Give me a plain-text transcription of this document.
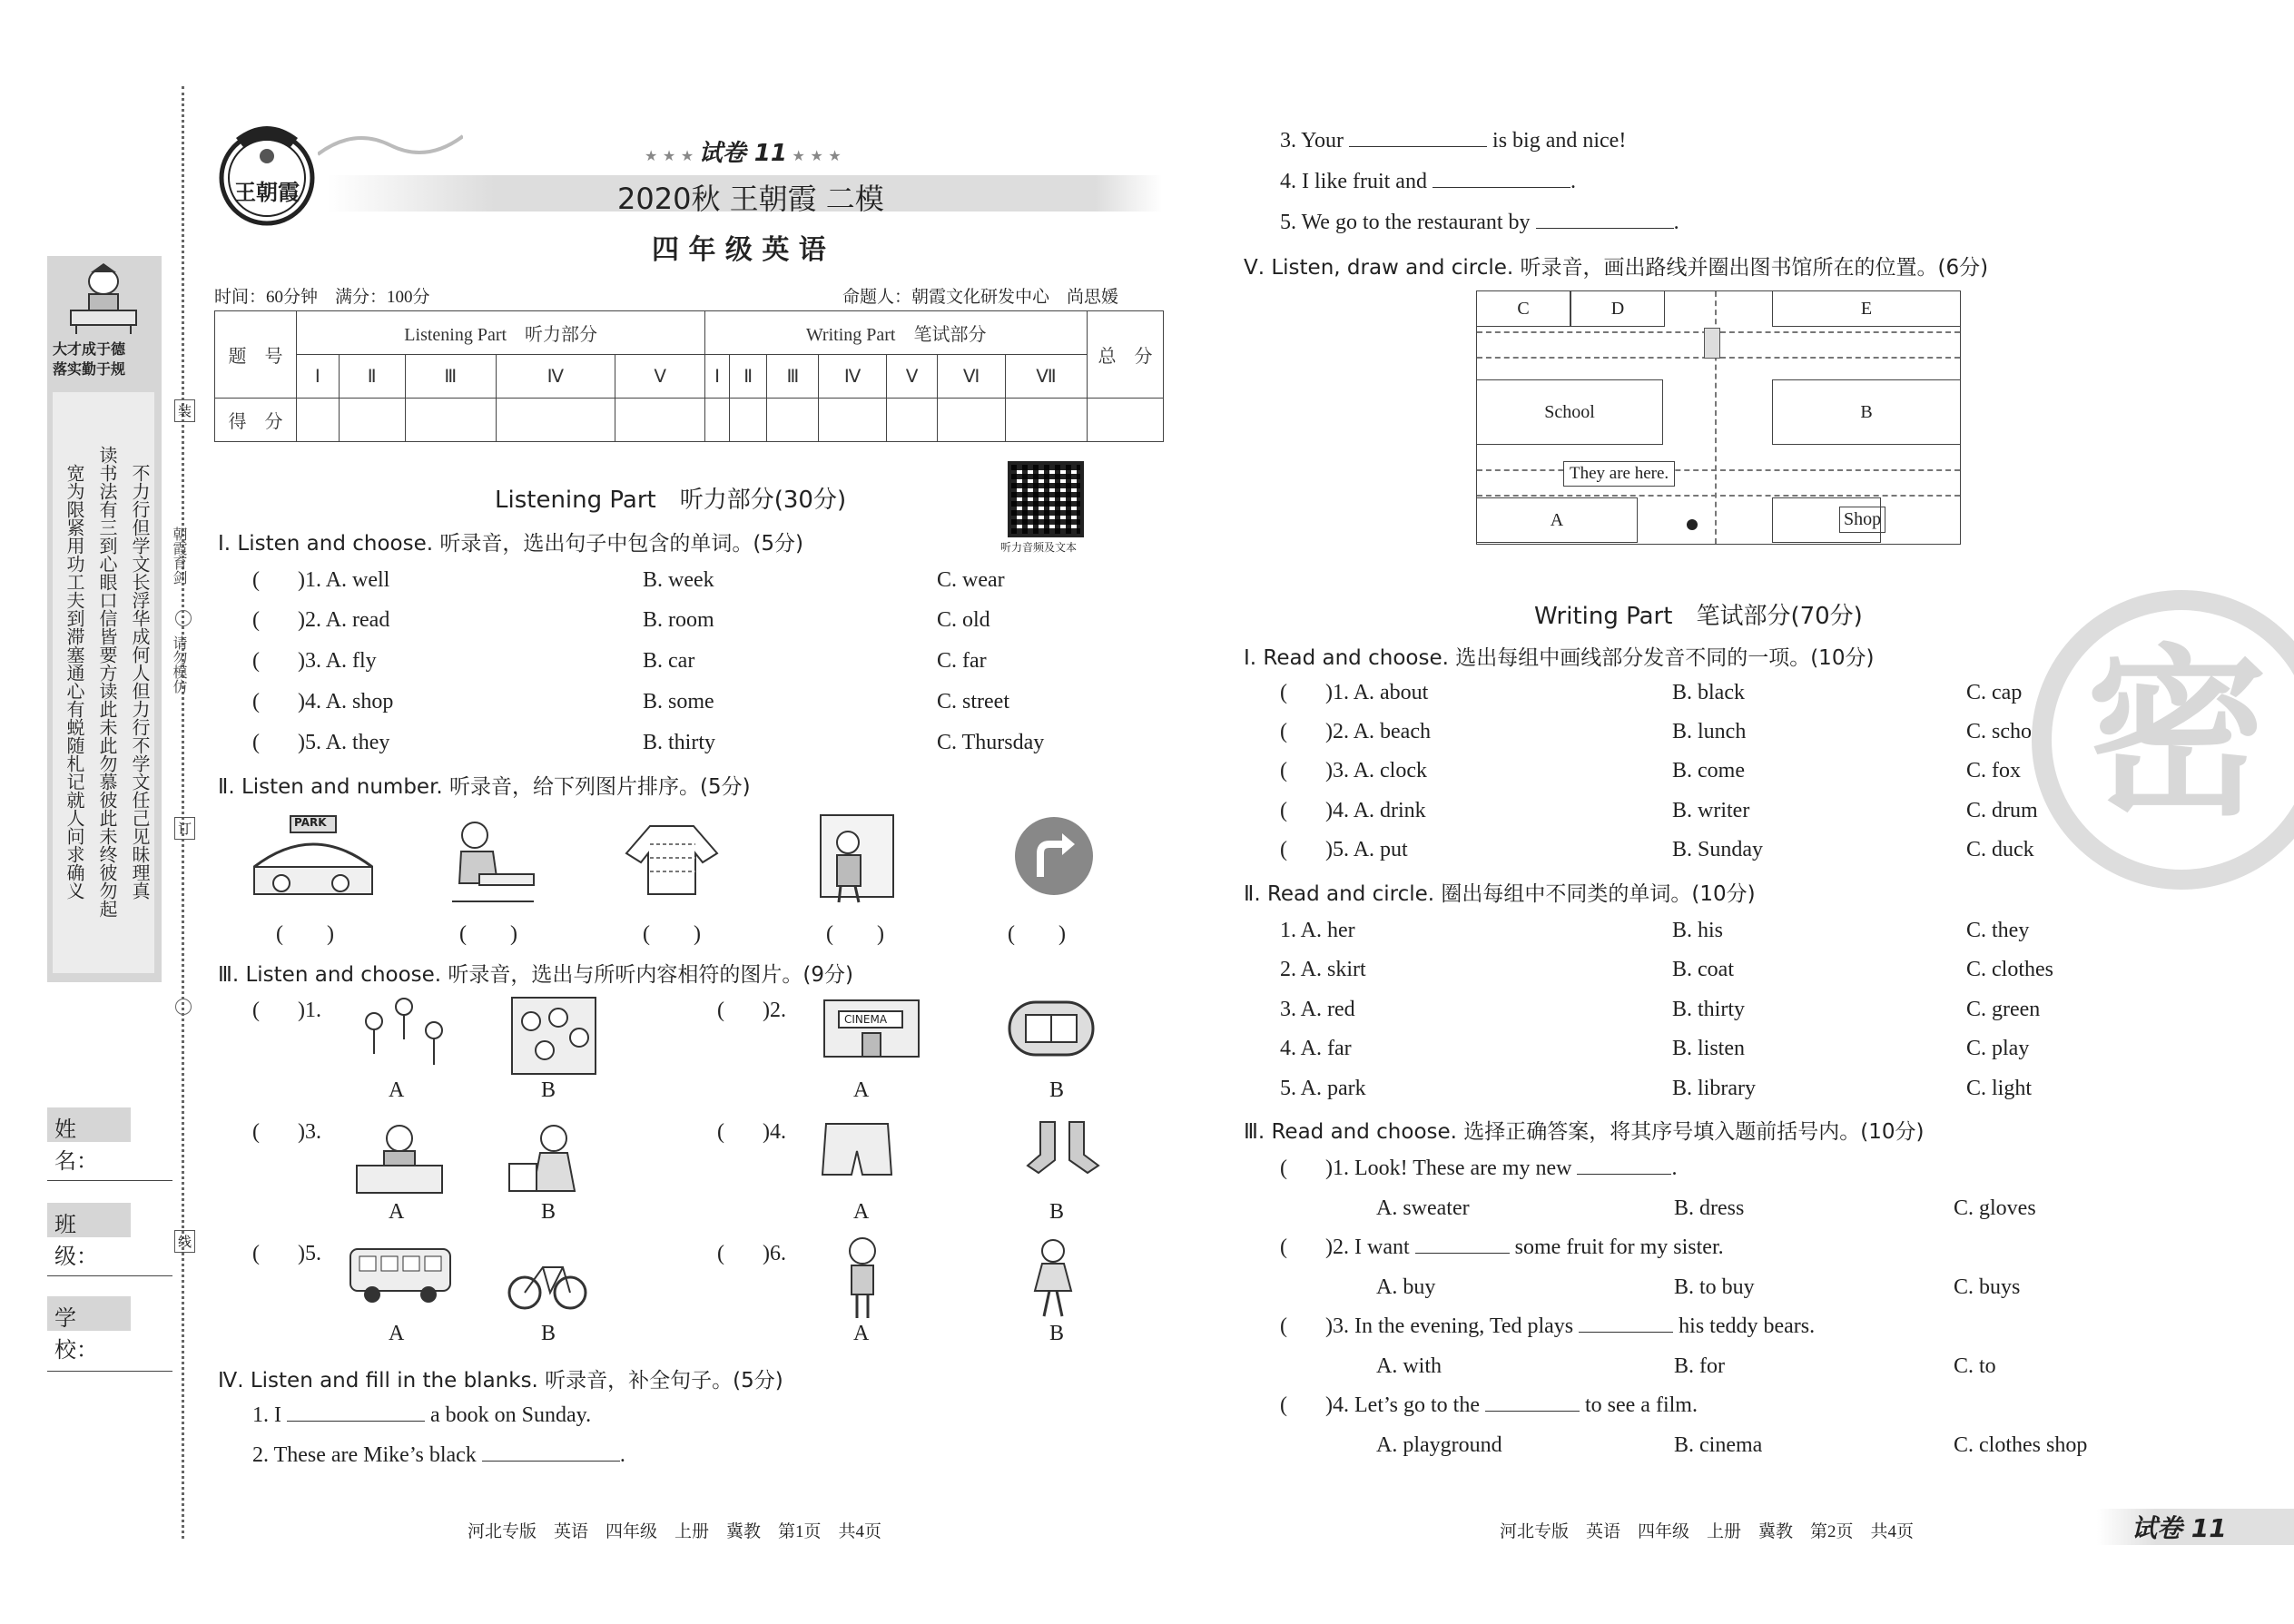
大才成于德
落实勤于规
宽为限紧用功工夫到滞塞通心有蜕随札记就人问求确义 读书法有三到心眼口信皆要方读此未此勿慕彼此未终彼勿起 不力行但学文长浮华成何人但力行不学文任己见昧理真 朝霞育剑
请勿模仿
装
订
线
姓 名：
班 级：
学 校：
王朝霞
★ ★ ★ 试卷 11 ★ ★ ★
2020秋 王朝霞 二模
四 年 级 英 语
时间：60分钟　满分：100分	命题人：朝霞文化研发中心　尚思媛
题　号	Listening Part　听力部分					Writing Part　笔试部分							总　分
	Ⅰ	Ⅱ	Ⅲ	Ⅳ	Ⅴ	Ⅰ	Ⅱ	Ⅲ	Ⅳ	Ⅴ	Ⅵ	Ⅶ	
得　分													
Listening Part　听力部分(30分)
听力音频及文本
Ⅰ. Listen and choose. 听录音，选出句子中包含的单词。(5分)
( )1. A. well	B. week	C. wear
( )2. A. read	B. room	C. old
( )3. A. fly	B. car	C. far
( )4. A. shop	B. some	C. street
( )5. A. they	B. thirty	C. Thursday
Ⅱ. Listen and number. 听录音，给下列图片排序。(5分)
PARK
(　　)	(　　)	(　　)	(　　)	(　　)
Ⅲ. Listen and choose. 听录音，选出与所听内容相符的图片。(9分)
( )1.
A	B
( )2.	CINEMA
A	B
( )3.
A	B
( )4.
A	B
( )5.
A	B
( )6.
A	B
Ⅳ. Listen and fill in the blanks. 听录音，补全句子。(5分)
1. I	a book on Sunday.
2. These are Mike’s black	.
河北专版　英语　四年级　上册　冀教　第1页　共4页
3. Your	is big and nice!
4. I like fruit and	.
5. We go to the restaurant by	.
Ⅴ. Listen, draw and circle. 听录音，画出路线并圈出图书馆所在的位置。(6分)
C	D	E
School	B
A	Shop
They are here.
Writing Part　笔试部分(70分)
Ⅰ. Read and choose. 选出每组中画线部分发音不同的一项。(10分)
( )1. A. about	B. black	C. cap
( )2. A. beach	B. lunch	C. school
( )3. A. clock	B. come	C. fox
( )4. A. drink	B. writer	C. drum
( )5. A. put	B. Sunday	C. duck
Ⅱ. Read and circle. 圈出每组中不同类的单词。(10分)
1. A. her	B. his	C. they
2. A. skirt	B. coat	C. clothes
3. A. red	B. thirty	C. green
4. A. far	B. listen	C. play
5. A. park	B. library	C. light
Ⅲ. Read and choose. 选择正确答案，将其序号填入题前括号内。(10分)
( )1. Look! These are my new	.
A. sweater	B. dress	C. gloves
( )2. I want	some fruit for my sister.
A. buy	B. to buy	C. buys
( )3. In the evening, Ted plays	his teddy bears.
A. with	B. for	C. to
( )4. Let’s go to the	to see a film.
A. playground	B. cinema	C. clothes shop
密
河北专版　英语　四年级　上册　冀教　第2页　共4页	试卷 11
